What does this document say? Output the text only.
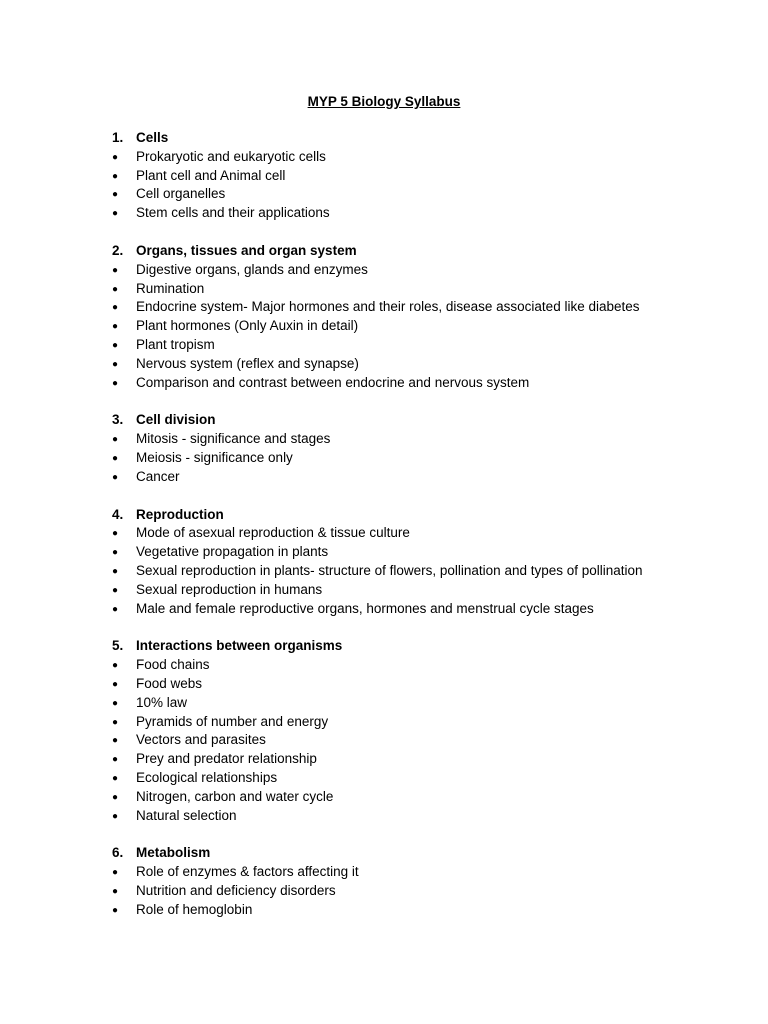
MYP 5 Biology Syllabus
1. Cells
● Prokaryotic and eukaryotic cells
● Plant cell and Animal cell
● Cell organelles
● Stem cells and their applications
2. Organs, tissues and organ system
● Digestive organs, glands and enzymes
● Rumination
● Endocrine system- Major hormones and their roles, disease associated like diabetes
● Plant hormones (Only Auxin in detail)
● Plant tropism
● Nervous system (reflex and synapse)
● Comparison and contrast between endocrine and nervous system
3. Cell division
● Mitosis - significance and stages
● Meiosis - significance only
● Cancer
4. Reproduction
● Mode of asexual reproduction & tissue culture
● Vegetative propagation in plants
● Sexual reproduction in plants- structure of flowers, pollination and types of pollination
● Sexual reproduction in humans
● Male and female reproductive organs, hormones and menstrual cycle stages
5. Interactions between organisms
● Food chains
● Food webs
● 10% law
● Pyramids of number and energy
● Vectors and parasites
● Prey and predator relationship
● Ecological relationships
● Nitrogen, carbon and water cycle
● Natural selection
6. Metabolism
● Role of enzymes & factors affecting it
● Nutrition and deficiency disorders
● Role of hemoglobin
